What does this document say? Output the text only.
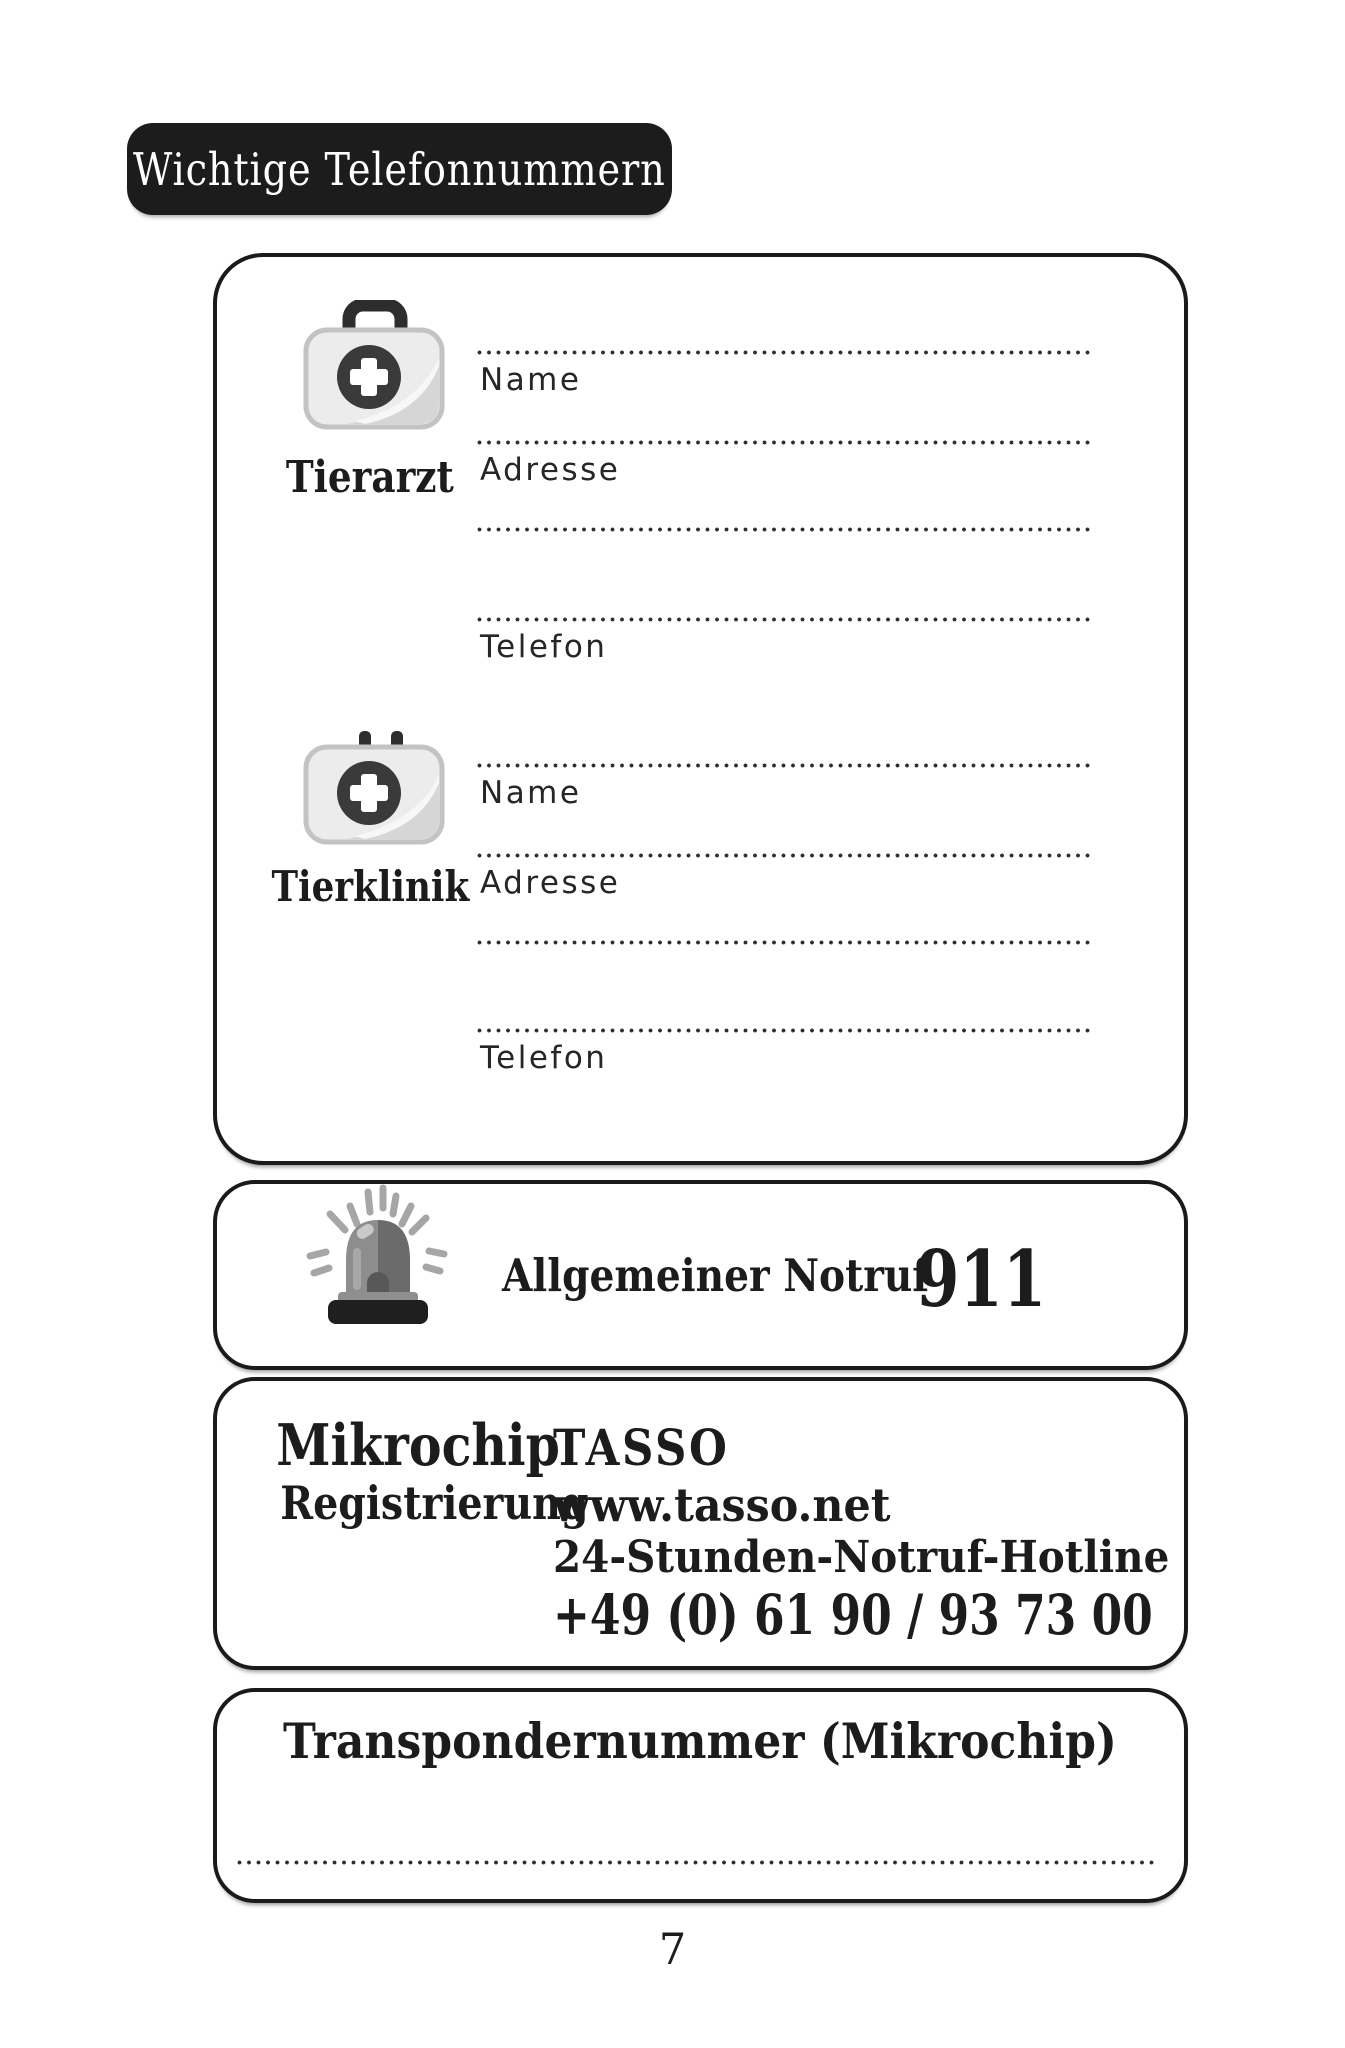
Wichtige Telefonnummern
Tierarzt
Name
Adresse
Telefon
Tierklinik
Name
Adresse
Telefon
Allgemeiner Notruf
911
Mikrochip
Registrierung
TASSO
www.tasso.net
24-Stunden-Notruf-Hotline
+49 (0) 61 90 / 93 73 00
Transpondernummer (Mikrochip)
7
